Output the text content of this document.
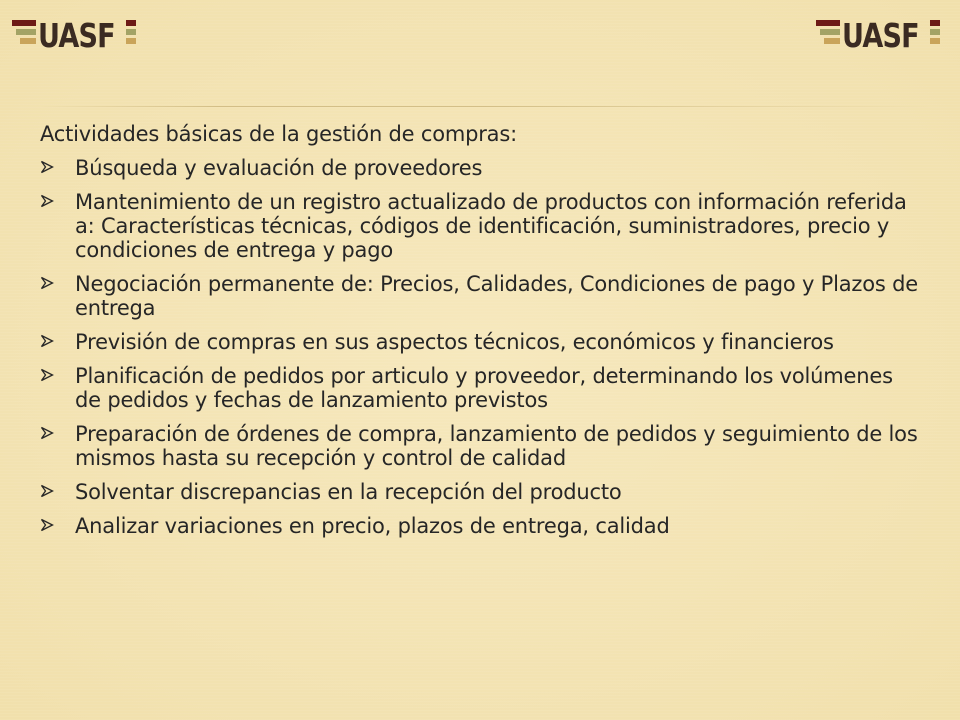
UASF	UASF
Actividades básicas de la gestión de compras:
Búsqueda y evaluación de proveedores
Mantenimiento de un registro actualizado de productos con información referida a: Características técnicas, códigos de identificación, suministradores, precio y condiciones de entrega y pago
Negociación permanente de: Precios, Calidades, Condiciones de pago y Plazos de entrega
Previsión de compras en sus aspectos técnicos, económicos y financieros
Planificación de pedidos por articulo y proveedor, determinando los volúmenes de pedidos y fechas de lanzamiento previstos
Preparación de órdenes de compra, lanzamiento de pedidos y seguimiento de los mismos hasta su recepción y control de calidad
Solventar discrepancias en la recepción del producto
Analizar variaciones en precio, plazos de entrega, calidad
